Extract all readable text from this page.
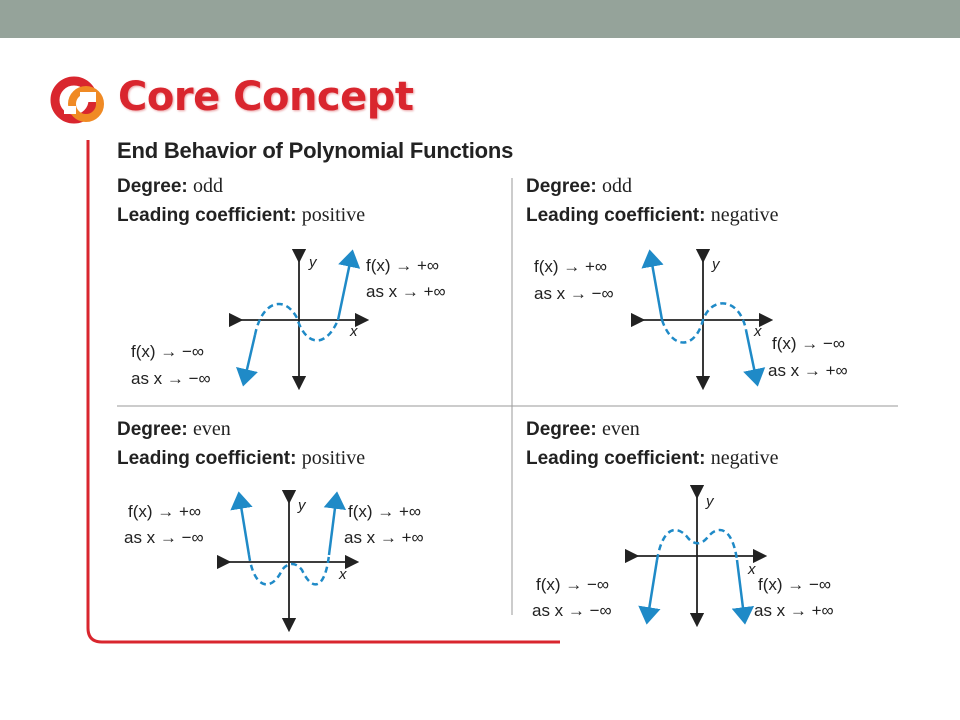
Core Concept
End Behavior of Polynomial Functions
Degree: odd
Leading coefficient: positive
Degree: odd
Leading coefficient: negative
Degree: even
Leading coefficient: positive
Degree: even
Leading coefficient: negative
y
x
f(x) → +∞
as x → +∞
f(x) → −∞
as x → −∞
y
x
f(x) → +∞
as x → −∞
f(x) → −∞
as x → +∞
y
x
f(x) → +∞
as x → −∞
f(x) → +∞
as x → +∞
y
x
f(x) → −∞
as x → −∞
f(x) → −∞
as x → +∞
